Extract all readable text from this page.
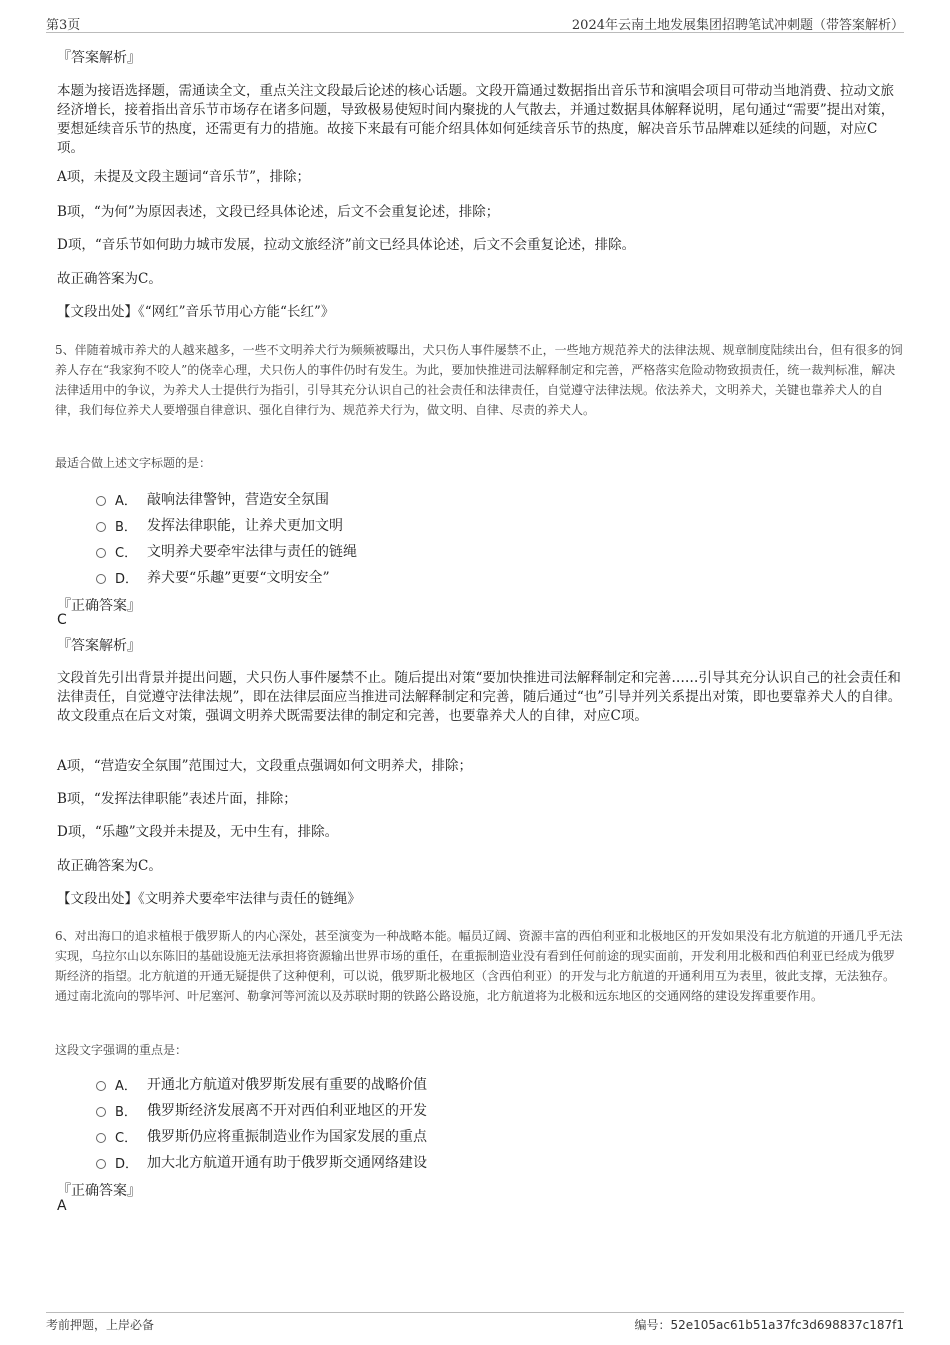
第3页	2024年云南土地发展集团招聘笔试冲刺题（带答案解析）
『答案解析』
本题为接语选择题，需通读全文，重点关注文段最后论述的核心话题。文段开篇通过数据指出音乐节和演唱会项目可带动当地消费、拉动文旅经济增长，接着指出音乐节市场存在诸多问题，导致极易使短时间内聚拢的人气散去，并通过数据具体解释说明，尾句通过“需要”提出对策，要想延续音乐节的热度，还需更有力的措施。故接下来最有可能介绍具体如何延续音乐节的热度，解决音乐节品牌难以延续的问题，对应C项。
A项，未提及文段主题词“音乐节”，排除；
B项，“为何”为原因表述，文段已经具体论述，后文不会重复论述，排除；
D项，“音乐节如何助力城市发展，拉动文旅经济”前文已经具体论述，后文不会重复论述，排除。
故正确答案为C。
【文段出处】《“网红”音乐节用心方能“长红”》
5、伴随着城市养犬的人越来越多，一些不文明养犬行为频频被曝出，犬只伤人事件屡禁不止，一些地方规范养犬的法律法规、规章制度陆续出台，但有很多的饲养人存在“我家狗不咬人”的侥幸心理，犬只伤人的事件仍时有发生。为此，要加快推进司法解释制定和完善，严格落实危险动物致损责任，统一裁判标准，解决法律适用中的争议，为养犬人士提供行为指引，引导其充分认识自己的社会责任和法律责任，自觉遵守法律法规。依法养犬，文明养犬，关键也靠养犬人的自律，我们每位养犬人要增强自律意识、强化自律行为、规范养犬行为，做文明、自律、尽责的养犬人。
最适合做上述文字标题的是：
A． 敲响法律警钟，营造安全氛围
B． 发挥法律职能，让养犬更加文明
C． 文明养犬要牵牢法律与责任的链绳
D． 养犬要“乐趣”更要“文明安全”
『正确答案』
C
『答案解析』
文段首先引出背景并提出问题，犬只伤人事件屡禁不止。随后提出对策“要加快推进司法解释制定和完善……引导其充分认识自己的社会责任和法律责任，自觉遵守法律法规”，即在法律层面应当推进司法解释制定和完善，随后通过“也”引导并列关系提出对策，即也要靠养犬人的自律。故文段重点在后文对策，强调文明养犬既需要法律的制定和完善，也要靠养犬人的自律，对应C项。
A项，“营造安全氛围”范围过大，文段重点强调如何文明养犬，排除；
B项，“发挥法律职能”表述片面，排除；
D项，“乐趣”文段并未提及，无中生有，排除。
故正确答案为C。
【文段出处】《文明养犬要牵牢法律与责任的链绳》
6、对出海口的追求植根于俄罗斯人的内心深处，甚至演变为一种战略本能。幅员辽阔、资源丰富的西伯利亚和北极地区的开发如果没有北方航道的开通几乎无法实现，乌拉尔山以东陈旧的基础设施无法承担将资源输出世界市场的重任，在重振制造业没有看到任何前途的现实面前，开发利用北极和西伯利亚已经成为俄罗斯经济的指望。北方航道的开通无疑提供了这种便利，可以说，俄罗斯北极地区（含西伯利亚）的开发与北方航道的开通利用互为表里，彼此支撑，无法独存。通过南北流向的鄂毕河、叶尼塞河、勒拿河等河流以及苏联时期的铁路公路设施，北方航道将为北极和远东地区的交通网络的建设发挥重要作用。
这段文字强调的重点是：
A． 开通北方航道对俄罗斯发展有重要的战略价值
B． 俄罗斯经济发展离不开对西伯利亚地区的开发
C． 俄罗斯仍应将重振制造业作为国家发展的重点
D． 加大北方航道开通有助于俄罗斯交通网络建设
『正确答案』
A
考前押题，上岸必备	编号：52e105ac61b51a37fc3d698837c187f1
